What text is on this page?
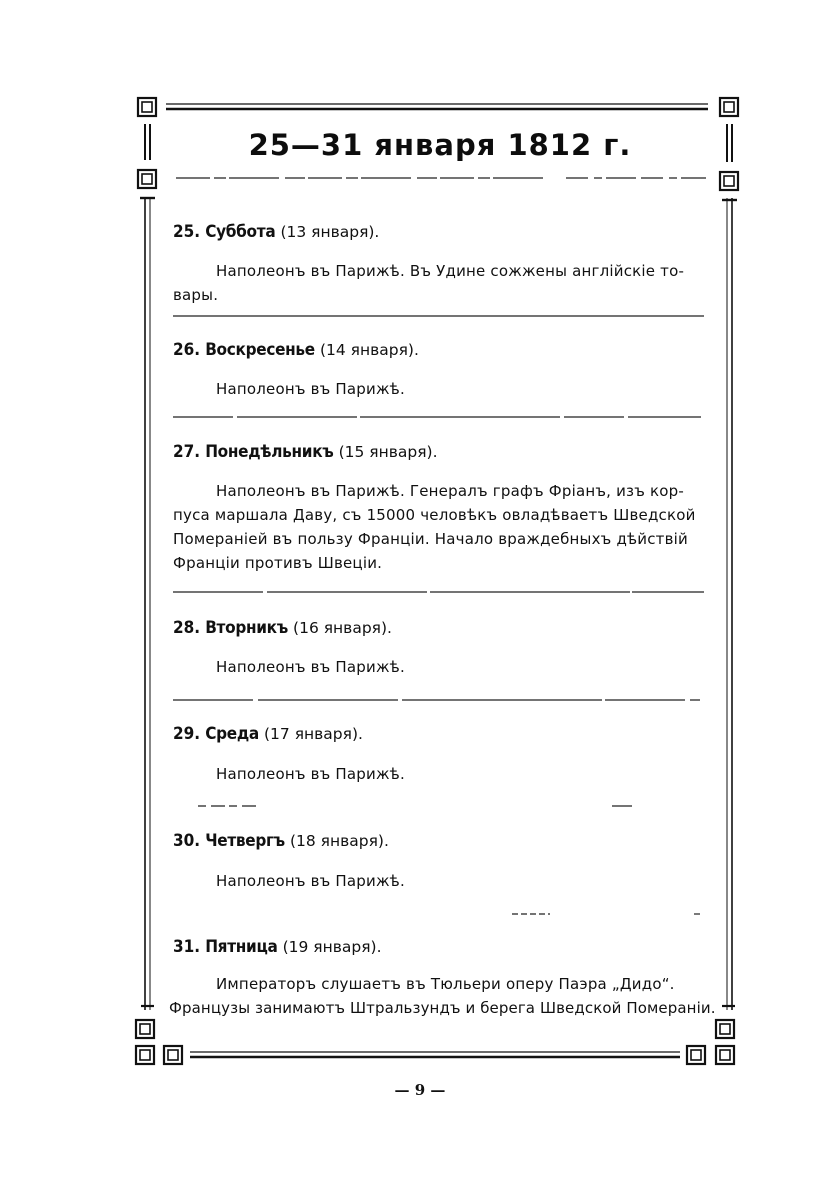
25—31 января 1812 г.
25. Суббота (13 января).
Наполеонъ въ Парижѣ. Въ Удине сожжены англійскіе то-
вары.
26. Воскресенье (14 января).
Наполеонъ въ Парижѣ.
27. Понедѣльникъ (15 января).
Наполеонъ въ Парижѣ. Генералъ графъ Фріанъ, изъ кор-
пуса маршала Даву, съ 15000 человѣкъ овладѣваетъ Шведской
Помераніей въ пользу Франціи. Начало враждебныхъ дѣйствій
Франціи противъ Швеціи.
28. Вторникъ (16 января).
Наполеонъ въ Парижѣ.
29. Среда (17 января).
Наполеонъ въ Парижѣ.
30. Четвергъ (18 января).
Наполеонъ въ Парижѣ.
31. Пятница (19 января).
Императоръ слушаетъ въ Тюльери оперу Паэра „Дидо“.
Французы занимаютъ Штральзундъ и берега Шведской Помераніи.
— 9 —
